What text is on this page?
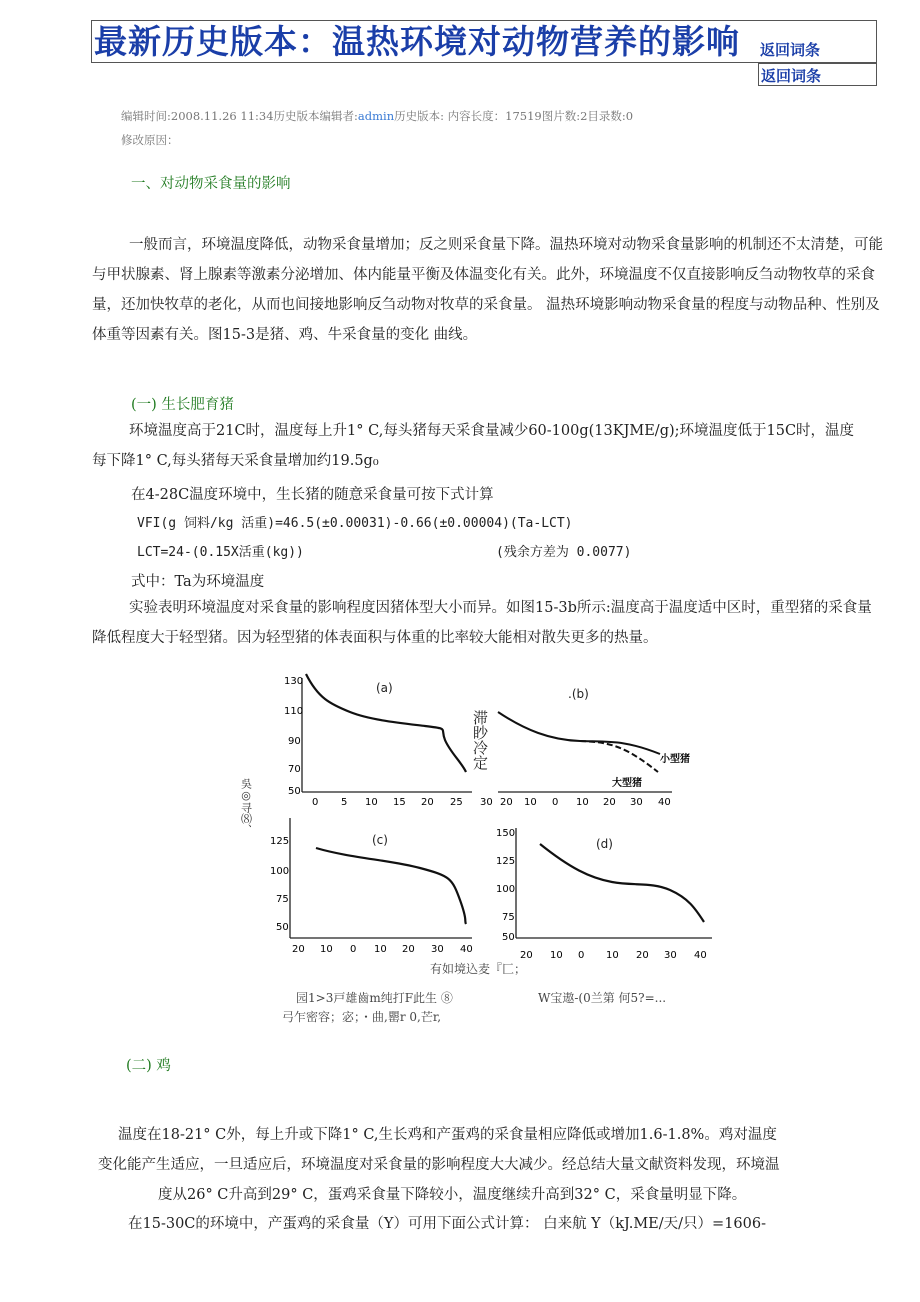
最新历史版本：温热环境对动物营养的影响 返回词条
返回词条
编辑时间:2008.11.26 11:34历史版本编辑者:admin历史版本: 内容长度：17519图片数:2目录数:0
修改原因：
一、对动物采食量的影响
一般而言，环境温度降低，动物采食量增加；反之则采食量下降。温热环境对动物采食量影响的机制还不太清楚，可能与甲状腺素、肾上腺素等激素分泌增加、体内能量平衡及体温变化有关。此外，环境温度不仅直接影响反刍动物牧草的采食量，还加快牧草的老化，从而也间接地影响反刍动物对牧草的采食量。 温热环境影响动物采食量的程度与动物品种、性别及体重等因素有关。图15-3是猪、鸡、牛采食量的变化 曲线。
(一) 生长肥育猪
环境温度高于21C时，温度每上升1° C,每头猪每天采食量减少60-100g(13KJME/g);环境温度低于15C时，温度每下降1° C,每头猪每天采食量增加约19.5g₀
在4-28C温度环境中，生长猪的随意采食量可按下式计算
VFI(g 饲料/kg 活重)=46.5(±0.00031)-0.66(±0.00004)(Ta-LCT)
LCT=24-(0.15X活重(kg))	(残余方差为 0.0077)
式中：Ta为环境温度
实验表明环境温度对采食量的影响程度因猪体型大小而异。如图15-3b所示:温度高于温度适中区时，重型猪的采食量降低程度大于轻型猪。因为轻型猪的体表面积与体重的比率较大能相对散失更多的热量。
吳◎寻⑻、
滞眇冷定
(a)
130
110
90
70
50
0 5 10 15 20 25 30
.(b)
小型猪
大型猪
20 10 0 10 20 30 40
(c)
125
100
75
50
20 10 0 10 20 30 40
(d)
150
125
100
75
50
20 10 0 10 20 30 40
有如境込麦『匚；
园1>3戸雄齒m纯打F此生 ⑧
弓乍密容；宓；・曲,罌r 0,芒r,
W宝遨-(0兰第 何5?=...
(二) 鸡
温度在18-21° C外，每上升或下降1° C,生长鸡和产蛋鸡的采食量相应降低或增加1.6-1.8%。鸡对温度
变化能产生适应，一旦适应后，环境温度对采食量的影响程度大大减少。经总结大量文献资料发现，环境温
度从26° C升高到29° C，蛋鸡采食量下降较小，温度继续升高到32° C，采食量明显下降。
在15-30C的环境中，产蛋鸡的采食量（Y）可用下面公式计算： 白来航 Y（kJ.ME/天/只）=1606-
